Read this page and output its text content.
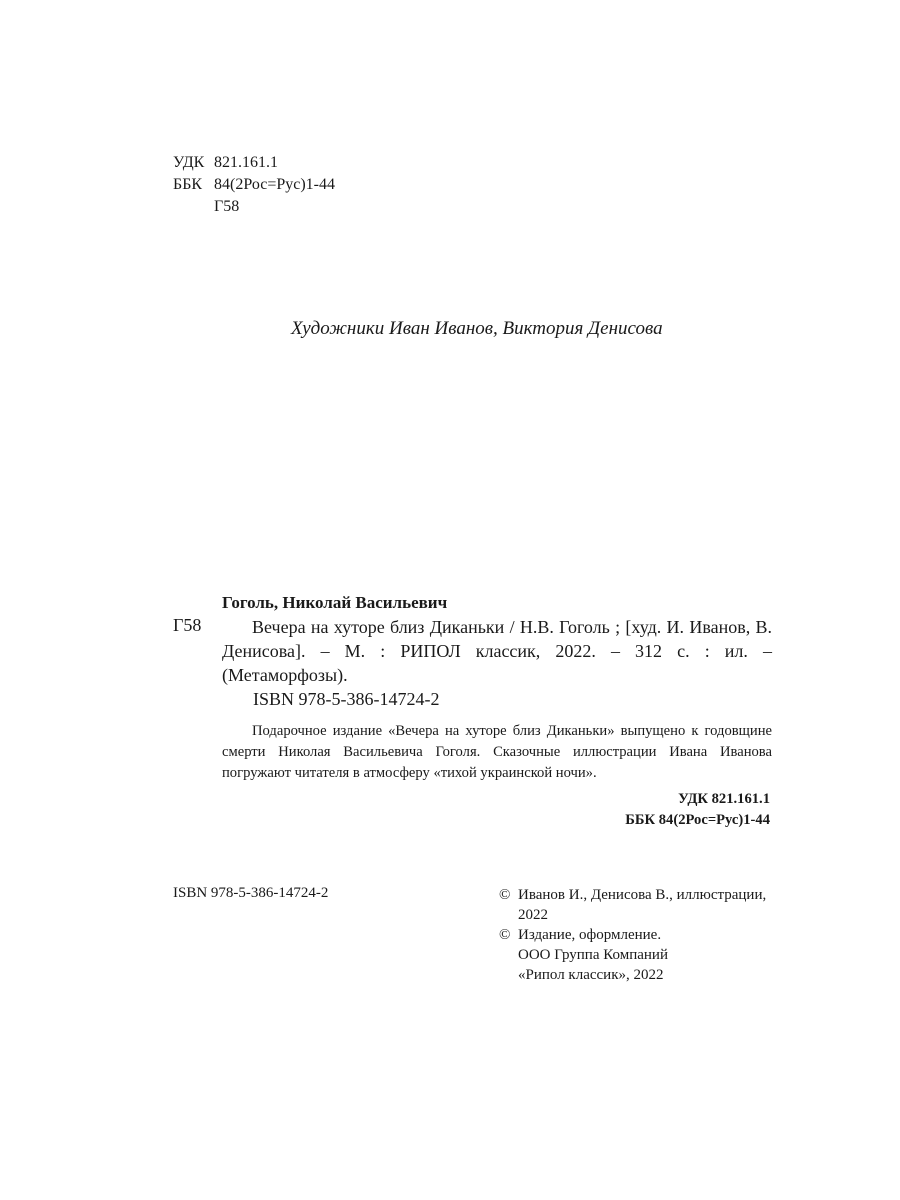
УДК 821.161.1
ББК 84(2Рос=Рус)1-44
Г58
Художники Иван Иванов, Виктория Денисова
Гоголь, Николай Васильевич
Г58	Вечера на хуторе близ Диканьки / Н.В. Гоголь ; [худ. И. Иванов, В. Денисова]. – М. : РИПОЛ классик, 2022. – 312 с. : ил. – (Метаморфозы).
ISBN 978-5-386-14724-2
Подарочное издание «Вечера на хуторе близ Диканьки» выпущено к годовщине смерти Николая Васильевича Гоголя. Сказочные иллюстрации Ивана Иванова погружают читателя в атмосферу «тихой украинской ночи».
УДК 821.161.1
ББК 84(2Рос=Рус)1-44
ISBN 978-5-386-14724-2	© Иванов И., Денисова В., иллюстрации,
2022
© Издание, оформление.
ООО Группа Компаний
«Рипол классик», 2022
